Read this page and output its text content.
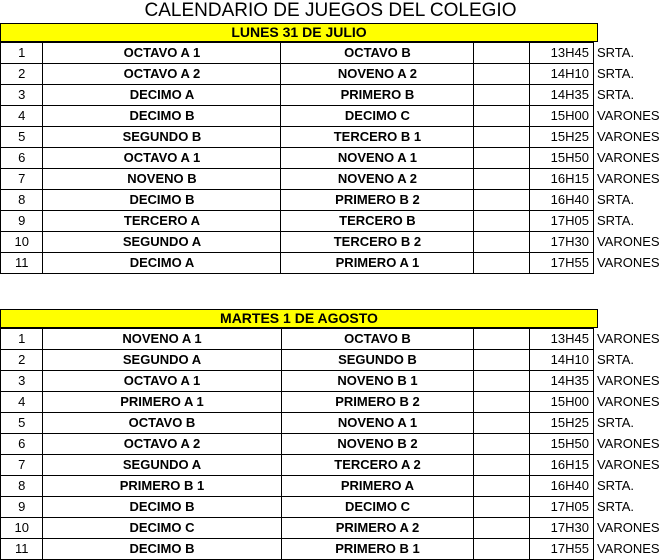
CALENDARIO DE JUEGOS DEL COLEGIO
LUNES 31 DE JULIO
1	OCTAVO A 1	OCTAVO B		13H45	SRTA.
2	OCTAVO A 2	NOVENO A 2		14H10	SRTA.
3	DECIMO A	PRIMERO B		14H35	SRTA.
4	DECIMO B	DECIMO C		15H00	VARONES
5	SEGUNDO B	TERCERO B 1		15H25	VARONES
6	OCTAVO A 1	NOVENO A 1		15H50	VARONES
7	NOVENO B	NOVENO A 2		16H15	VARONES
8	DECIMO B	PRIMERO B 2		16H40	SRTA.
9	TERCERO A	TERCERO B		17H05	SRTA.
10	SEGUNDO A	TERCERO B 2		17H30	VARONES
11	DECIMO A	PRIMERO A 1		17H55	VARONES
MARTES 1 DE AGOSTO
1	NOVENO A 1	OCTAVO B		13H45	VARONES
2	SEGUNDO A	SEGUNDO B		14H10	SRTA.
3	OCTAVO A 1	NOVENO B 1		14H35	VARONES
4	PRIMERO A 1	PRIMERO B 2		15H00	VARONES
5	OCTAVO B	NOVENO A 1		15H25	SRTA.
6	OCTAVO A 2	NOVENO B 2		15H50	VARONES
7	SEGUNDO A	TERCERO A 2		16H15	VARONES
8	PRIMERO B 1	PRIMERO A		16H40	SRTA.
9	DECIMO B	DECIMO C		17H05	SRTA.
10	DECIMO C	PRIMERO A 2		17H30	VARONES
11	DECIMO B	PRIMERO B 1		17H55	VARONES
